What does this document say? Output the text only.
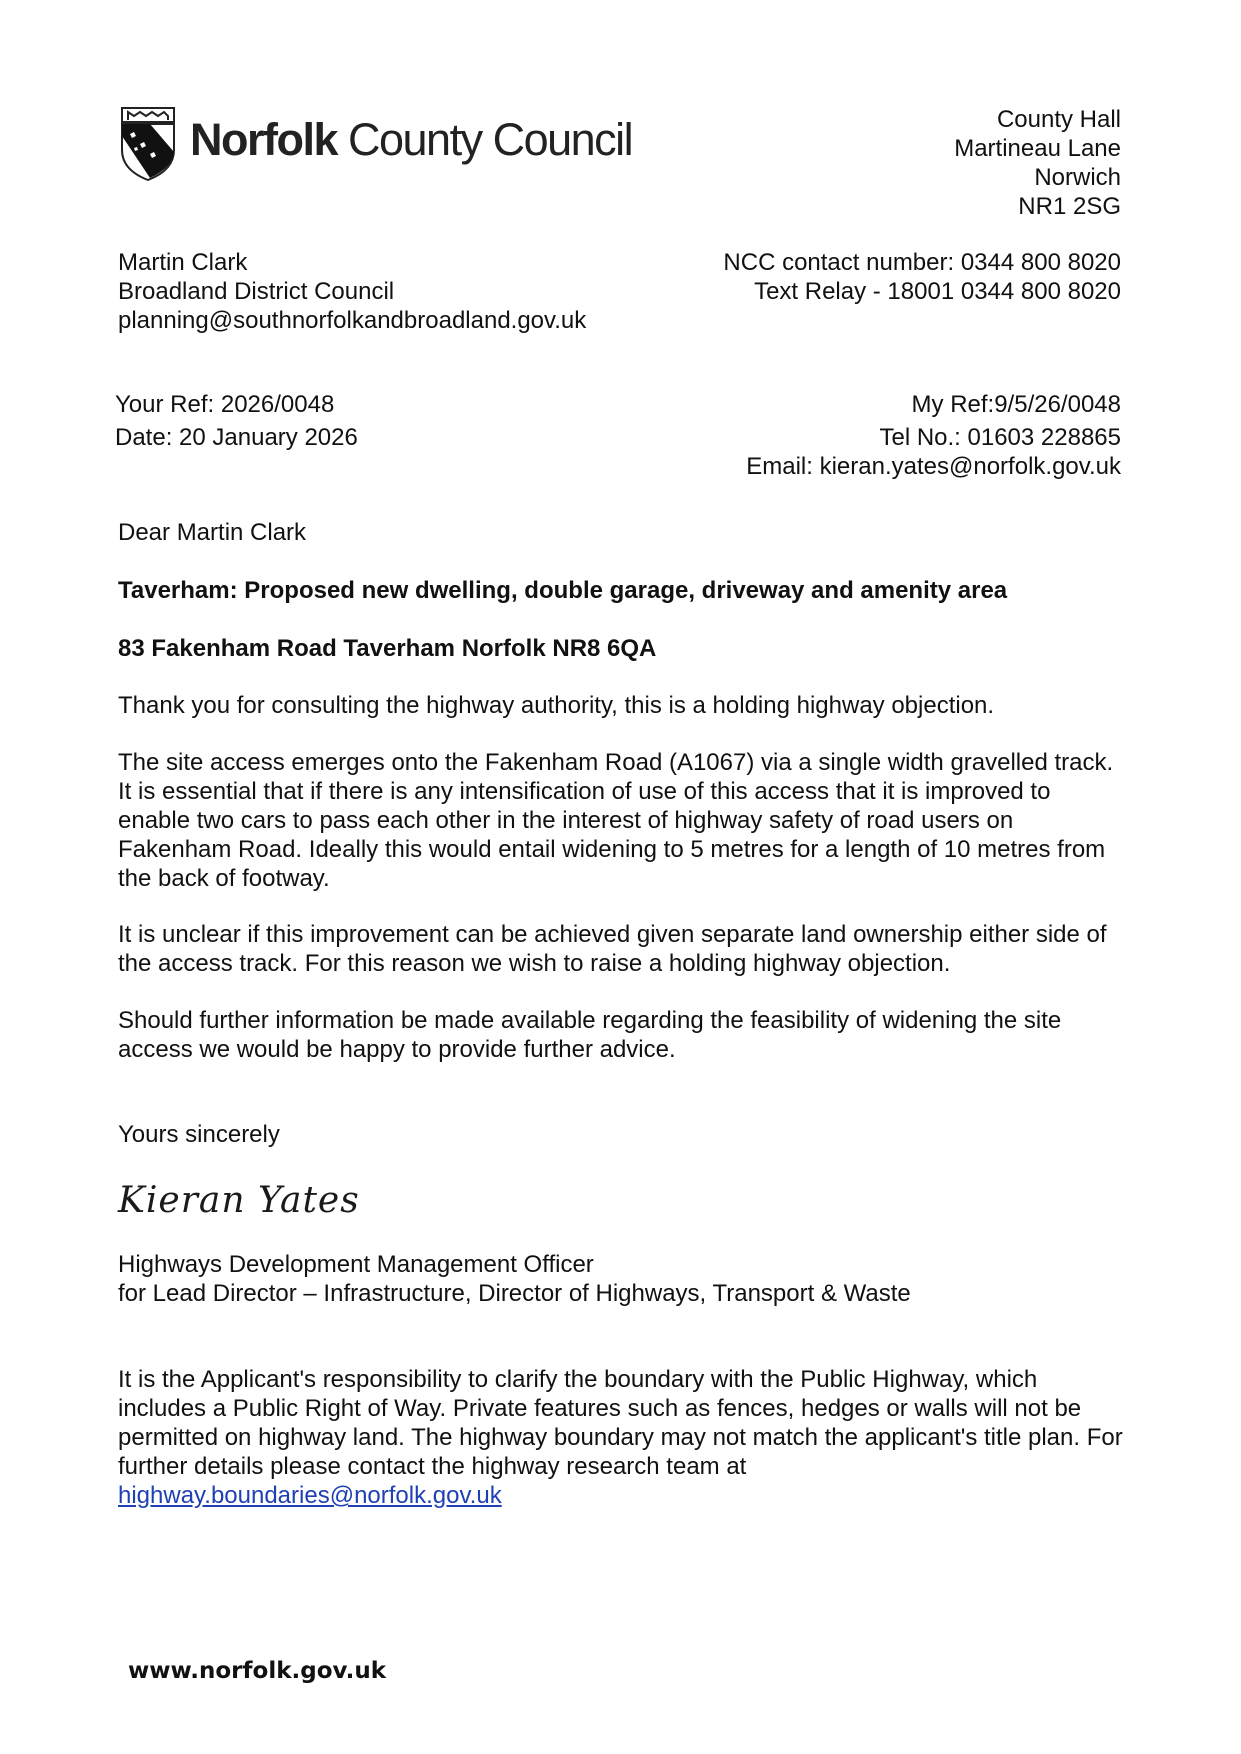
Norfolk County Council	County Hall
Martineau Lane
Norwich
NR1 2SG
Martin Clark
Broadland District Council
planning@southnorfolkandbroadland.gov.uk
NCC contact number: 0344 800 8020
Text Relay - 18001 0344 800 8020
Your Ref: 2026/0048
Date: 20 January 2026
My Ref:9/5/26/0048
Tel No.: 01603 228865
Email: kieran.yates@norfolk.gov.uk
Dear Martin Clark
Taverham: Proposed new dwelling, double garage, driveway and amenity area
83 Fakenham Road Taverham Norfolk NR8 6QA
Thank you for consulting the highway authority, this is a holding highway objection.
The site access emerges onto the Fakenham Road (A1067) via a single width gravelled track. It is essential that if there is any intensification of use of this access that it is improved to enable two cars to pass each other in the interest of highway safety of road users on Fakenham Road. Ideally this would entail widening to 5 metres for a length of 10 metres from the back of footway.
It is unclear if this improvement can be achieved given separate land ownership either side of the access track. For this reason we wish to raise a holding highway objection.
Should further information be made available regarding the feasibility of widening the site access we would be happy to provide further advice.
Yours sincerely
Kieran Yates
Highways Development Management Officer
for Lead Director – Infrastructure, Director of Highways, Transport & Waste
It is the Applicant's responsibility to clarify the boundary with the Public Highway, which includes a Public Right of Way. Private features such as fences, hedges or walls will not be permitted on highway land. The highway boundary may not match the applicant's title plan. For further details please contact the highway research team at
highway.boundaries@norfolk.gov.uk
www.norfolk.gov.uk
